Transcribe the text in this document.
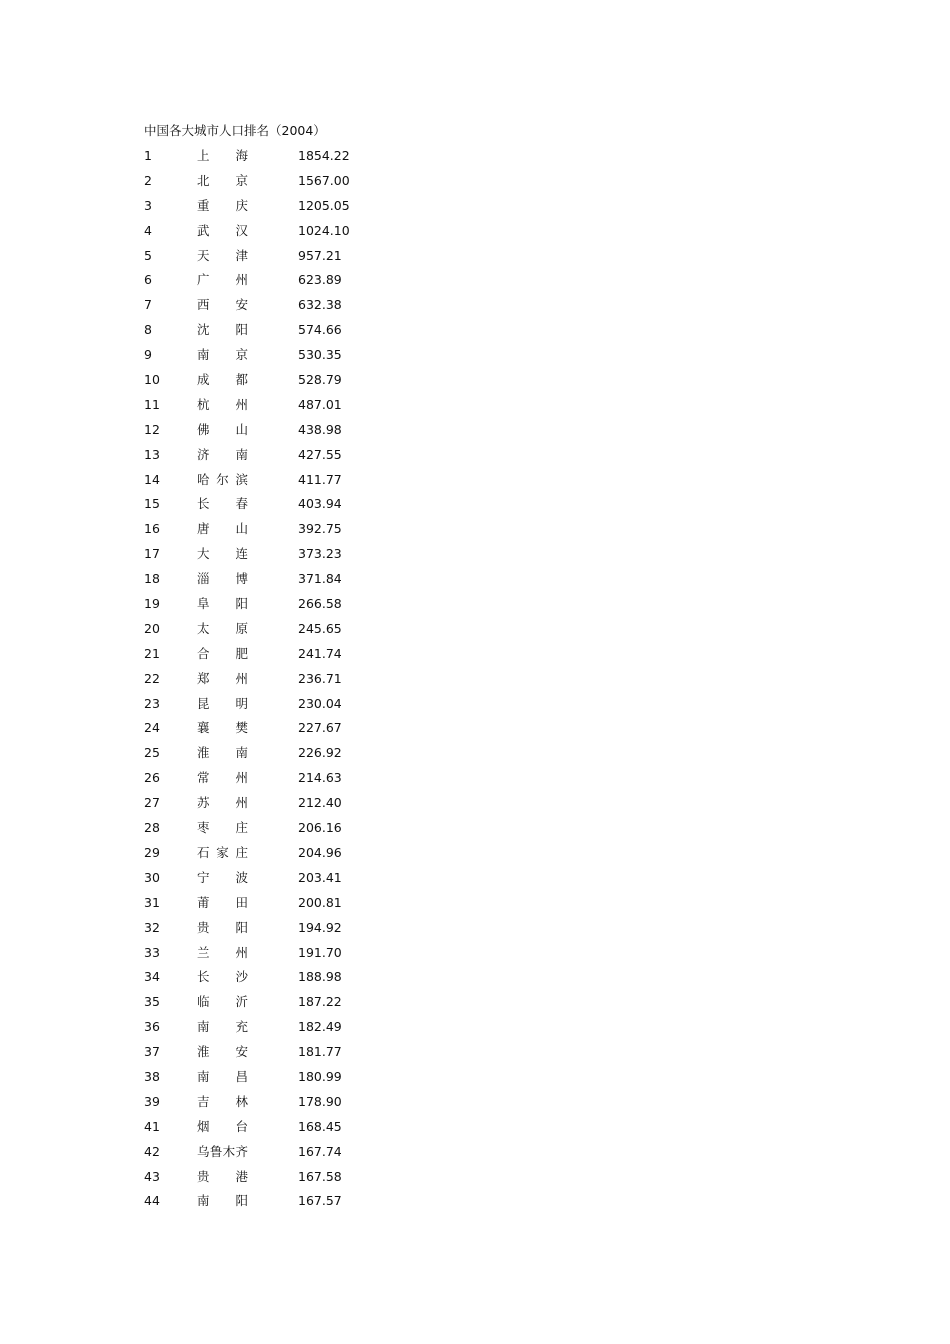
中国各大城市人口排名（2004）
1	上 海	1854.22
2	北 京	1567.00
3	重 庆	1205.05
4	武 汉	1024.10
5	天 津	957.21
6	广 州	623.89
7	西 安	632.38
8	沈 阳	574.66
9	南 京	530.35
10	成 都	528.79
11	杭 州	487.01
12	佛 山	438.98
13	济 南	427.55
14	哈 尔 滨	411.77
15	长 春	403.94
16	唐 山	392.75
17	大 连	373.23
18	淄 博	371.84
19	阜 阳	266.58
20	太 原	245.65
21	合 肥	241.74
22	郑 州	236.71
23	昆 明	230.04
24	襄 樊	227.67
25	淮 南	226.92
26	常 州	214.63
27	苏 州	212.40
28	枣 庄	206.16
29	石 家 庄	204.96
30	宁 波	203.41
31	莆 田	200.81
32	贵 阳	194.92
33	兰 州	191.70
34	长 沙	188.98
35	临 沂	187.22
36	南 充	182.49
37	淮 安	181.77
38	南 昌	180.99
39	吉 林	178.90
41	烟 台	168.45
42	乌 鲁 木 齐	167.74
43	贵 港	167.58
44	南 阳	167.57
